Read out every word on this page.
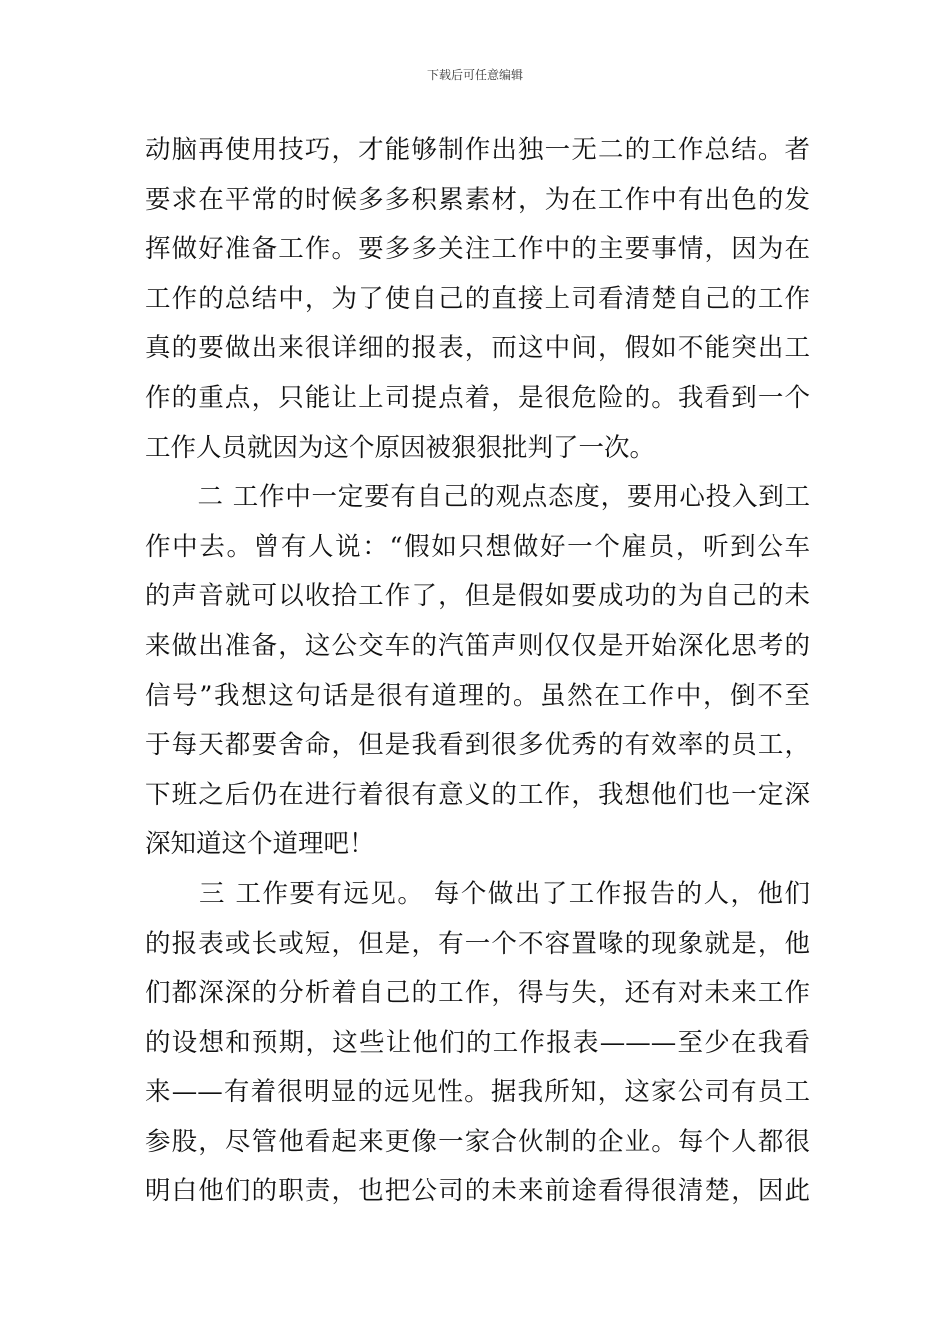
下载后可任意编辑
动脑再使用技巧，才能够制作出独一无二的工作总结。者
要求在平常的时候多多积累素材，为在工作中有出色的发
挥做好准备工作。要多多关注工作中的主要事情，因为在
工作的总结中，为了使自己的直接上司看清楚自己的工作
真的要做出来很详细的报表，而这中间，假如不能突出工
作的重点，只能让上司提点着，是很危险的。我看到一个
工作人员就因为这个原因被狠狠批判了一次。
　　二 工作中一定要有自己的观点态度，要用心投入到工
作中去。曾有人说：“假如只想做好一个雇员，听到公车
的声音就可以收拾工作了，但是假如要成功的为自己的未
来做出准备，这公交车的汽笛声则仅仅是开始深化思考的
信号”我想这句话是很有道理的。虽然在工作中，倒不至
于每天都要舍命，但是我看到很多优秀的有效率的员工，
下班之后仍在进行着很有意义的工作，我想他们也一定深
深知道这个道理吧！
　　三 工作要有远见。 每个做出了工作报告的人，他们
的报表或长或短，但是，有一个不容置喙的现象就是，他
们都深深的分析着自己的工作，得与失，还有对未来工作
的设想和预期，这些让他们的工作报表———至少在我看
来——有着很明显的远见性。据我所知，这家公司有员工
参股，尽管他看起来更像一家合伙制的企业。每个人都很
明白他们的职责，也把公司的未来前途看得很清楚，因此
